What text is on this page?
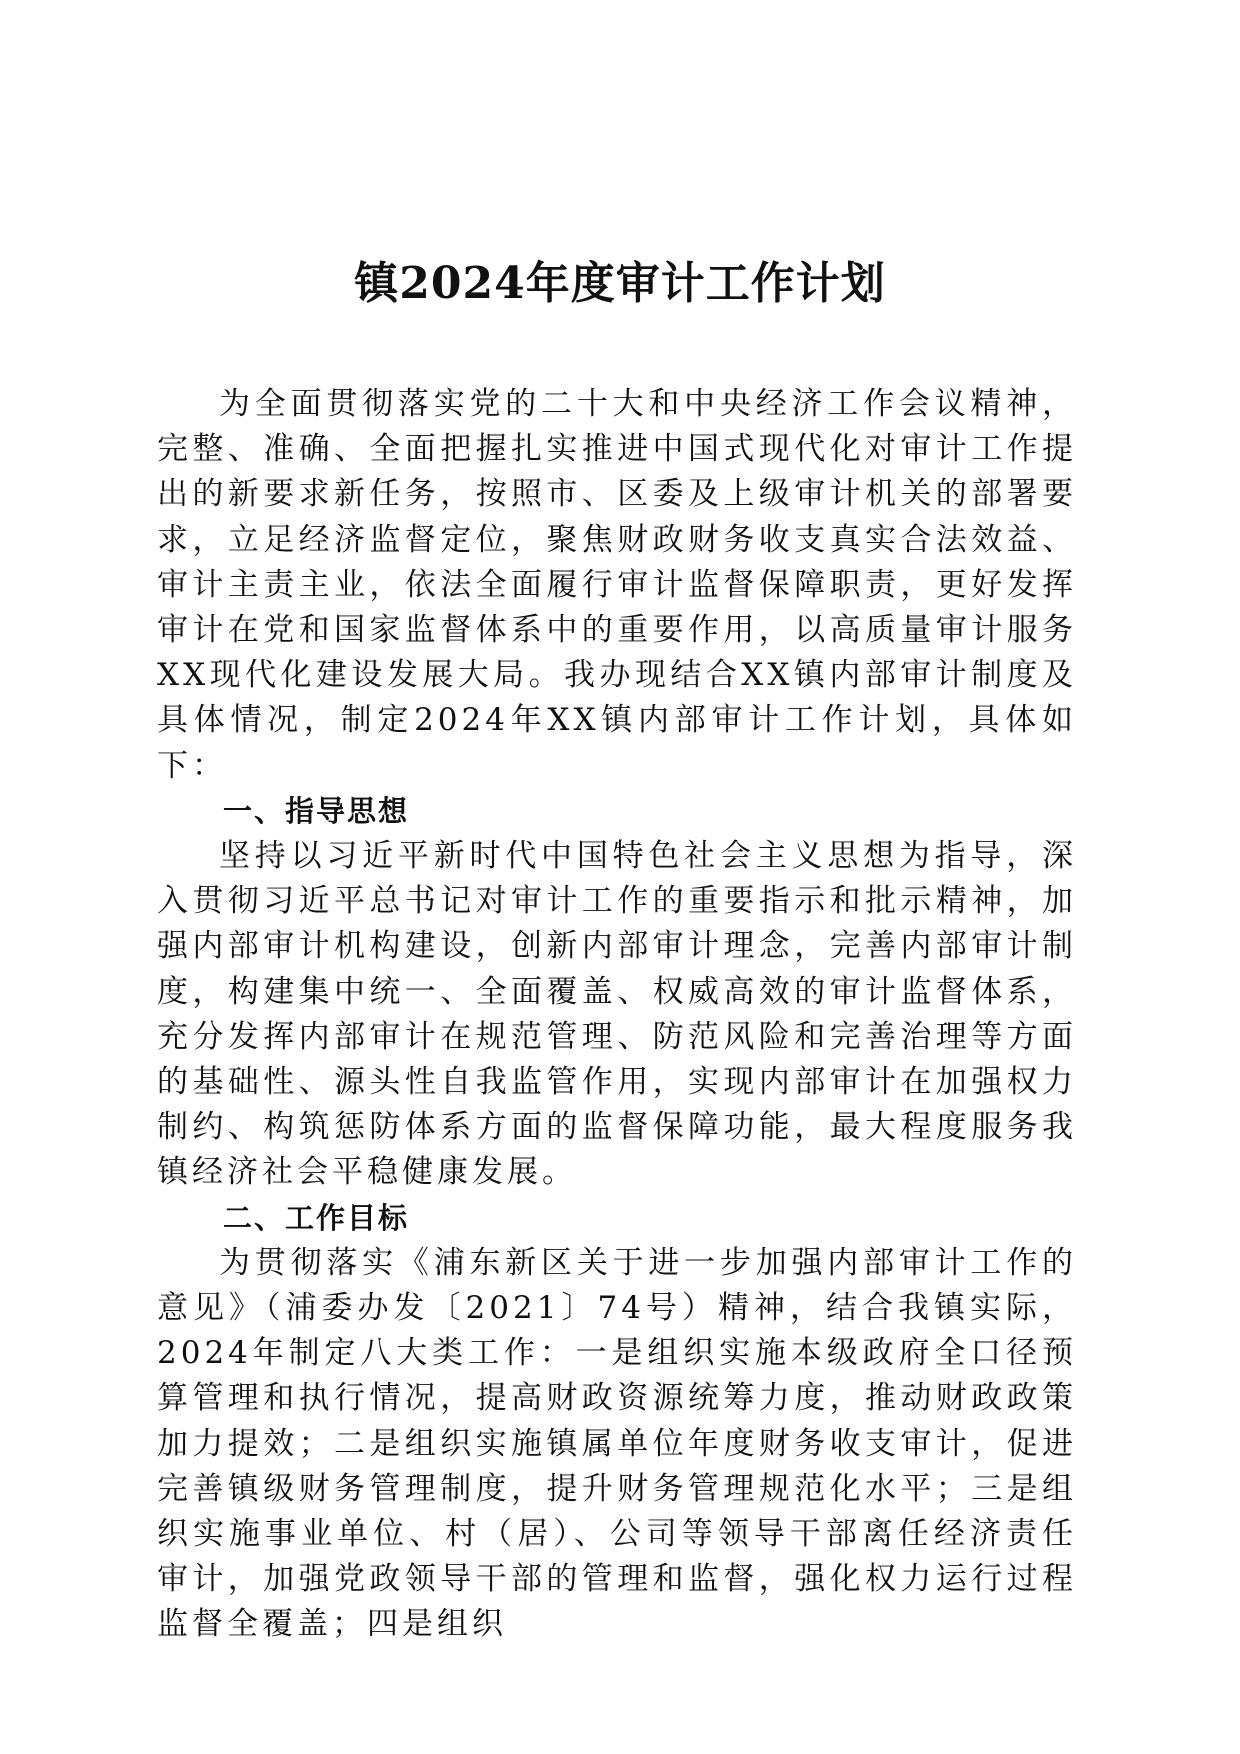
镇2024年度审计工作计划

为全面贯彻落实党的二十大和中央经济工作会议精神，完整、准确、全面把握扎实推进中国式现代化对审计工作提出的新要求新任务，按照市、区委及上级审计机关的部署要求，立足经济监督定位，聚焦财政财务收支真实合法效益、审计主责主业，依法全面履行审计监督保障职责，更好发挥审计在党和国家监督体系中的重要作用，以高质量审计服务XX现代化建设发展大局。我办现结合XX镇内部审计制度及具体情况，制定2024年XX镇内部审计工作计划，具体如下：

一、指导思想

坚持以习近平新时代中国特色社会主义思想为指导，深入贯彻习近平总书记对审计工作的重要指示和批示精神，加强内部审计机构建设，创新内部审计理念，完善内部审计制度，构建集中统一、全面覆盖、权威高效的审计监督体系，充分发挥内部审计在规范管理、防范风险和完善治理等方面的基础性、源头性自我监管作用，实现内部审计在加强权力制约、构筑惩防体系方面的监督保障功能，最大程度服务我镇经济社会平稳健康发展。

二、工作目标

为贯彻落实《浦东新区关于进一步加强内部审计工作的意见》（浦委办发〔2021〕74号）精神，结合我镇实际，2024年制定八大类工作：一是组织实施本级政府全口径预算管理和执行情况，提高财政资源统筹力度，推动财政政策加力提效；二是组织实施镇属单位年度财务收支审计，促进完善镇级财务管理制度，提升财务管理规范化水平；三是组织实施事业单位、村（居）、公司等领导干部离任经济责任审计，加强党政领导干部的管理和监督，强化权力运行过程监督全覆盖；四是组织
